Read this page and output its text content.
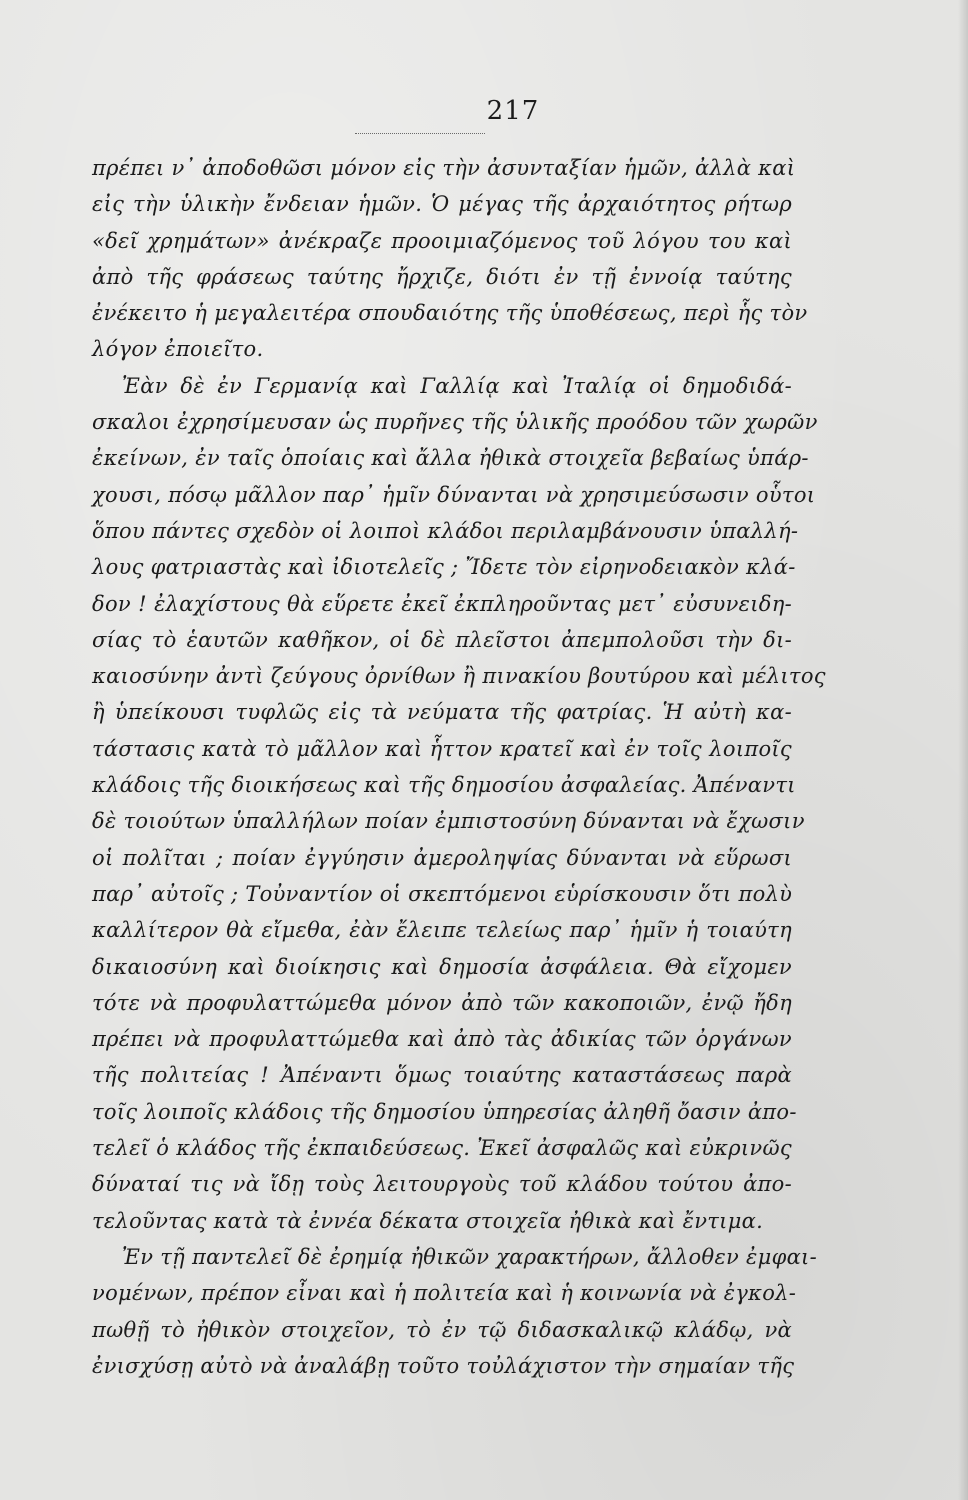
217
πρέπει ν᾿ ἀποδοθῶσι μόνον εἰς τὴν ἀσυνταξίαν ἡμῶν, ἀλλὰ καὶ
εἰς τὴν ὑλικὴν ἔνδειαν ἡμῶν. Ὁ μέγας τῆς ἀρχαιότητος ρήτωρ
«δεῖ χρημάτων» ἀνέκραζε προοιμιαζόμενος τοῦ λόγου του καὶ
ἀπὸ τῆς φράσεως ταύτης ἤρχιζε, διότι ἐν τῇ ἐννοίᾳ ταύτης
ἐνέκειτο ἡ μεγαλειτέρα σπουδαιότης τῆς ὑποθέσεως, περὶ ἧς τὸν
λόγον ἐποιεῖτο.
Ἐὰν δὲ ἐν Γερμανίᾳ καὶ Γαλλίᾳ καὶ Ἰταλίᾳ οἱ δημοδιδά-
σκαλοι ἐχρησίμευσαν ὡς πυρῆνες τῆς ὑλικῆς προόδου τῶν χωρῶν
ἐκείνων, ἐν ταῖς ὁποίαις καὶ ἄλλα ἠθικὰ στοιχεῖα βεβαίως ὑπάρ-
χουσι, πόσῳ μᾶλλον παρ᾿ ἡμῖν δύνανται νὰ χρησιμεύσωσιν οὗτοι
ὅπου πάντες σχεδὸν οἱ λοιποὶ κλάδοι περιλαμβάνουσιν ὑπαλλή-
λους φατριαστὰς καὶ ἰδιοτελεῖς ; Ἴδετε τὸν εἰρηνοδειακὸν κλά-
δον ! ἐλαχίστους θὰ εὕρετε ἐκεῖ ἐκπληροῦντας μετ᾿ εὐσυνειδη-
σίας τὸ ἑαυτῶν καθῆκον, οἱ δὲ πλεῖστοι ἀπεμπολοῦσι τὴν δι-
καιοσύνην ἀντὶ ζεύγους ὀρνίθων ἢ πινακίου βουτύρου καὶ μέλιτος
ἢ ὑπείκουσι τυφλῶς εἰς τὰ νεύματα τῆς φατρίας. Ἡ αὐτὴ κα-
τάστασις κατὰ τὸ μᾶλλον καὶ ἧττον κρατεῖ καὶ ἐν τοῖς λοιποῖς
κλάδοις τῆς διοικήσεως καὶ τῆς δημοσίου ἀσφαλείας. Ἀπέναντι
δὲ τοιούτων ὑπαλλήλων ποίαν ἐμπιστοσύνη δύνανται νὰ ἔχωσιν
οἱ πολῖται ; ποίαν ἐγγύησιν ἀμεροληψίας δύνανται νὰ εὕρωσι
παρ᾿ αὐτοῖς ; Τοὐναντίον οἱ σκεπτόμενοι εὑρίσκουσιν ὅτι πολὺ
καλλίτερον θὰ εἴμεθα, ἐὰν ἔλειπε τελείως παρ᾿ ἡμῖν ἡ τοιαύτη
δικαιοσύνη καὶ διοίκησις καὶ δημοσία ἀσφάλεια. Θὰ εἴχομεν
τότε νὰ προφυλαττώμεθα μόνον ἀπὸ τῶν κακοποιῶν, ἐνῷ ἤδη
πρέπει νὰ προφυλαττώμεθα καὶ ἀπὸ τὰς ἀδικίας τῶν ὀργάνων
τῆς πολιτείας ! Ἀπέναντι ὅμως τοιαύτης καταστάσεως παρὰ
τοῖς λοιποῖς κλάδοις τῆς δημοσίου ὑπηρεσίας ἀληθῆ ὄασιν ἀπο-
τελεῖ ὁ κλάδος τῆς ἐκπαιδεύσεως. Ἐκεῖ ἀσφαλῶς καὶ εὐκρινῶς
δύναταί τις νὰ ἴδῃ τοὺς λειτουργοὺς τοῦ κλάδου τούτου ἀπο-
τελοῦντας κατὰ τὰ ἐννέα δέκατα στοιχεῖα ἠθικὰ καὶ ἔντιμα.
Ἐν τῇ παντελεῖ δὲ ἐρημίᾳ ἠθικῶν χαρακτήρων, ἄλλοθεν ἐμφαι-
νομένων, πρέπον εἶναι καὶ ἡ πολιτεία καὶ ἡ κοινωνία νὰ ἐγκολ-
πωθῇ τὸ ἠθικὸν στοιχεῖον, τὸ ἐν τῷ διδασκαλικῷ κλάδῳ, νὰ
ἐνισχύσῃ αὐτὸ νὰ ἀναλάβῃ τοῦτο τοὐλάχιστον τὴν σημαίαν τῆς
